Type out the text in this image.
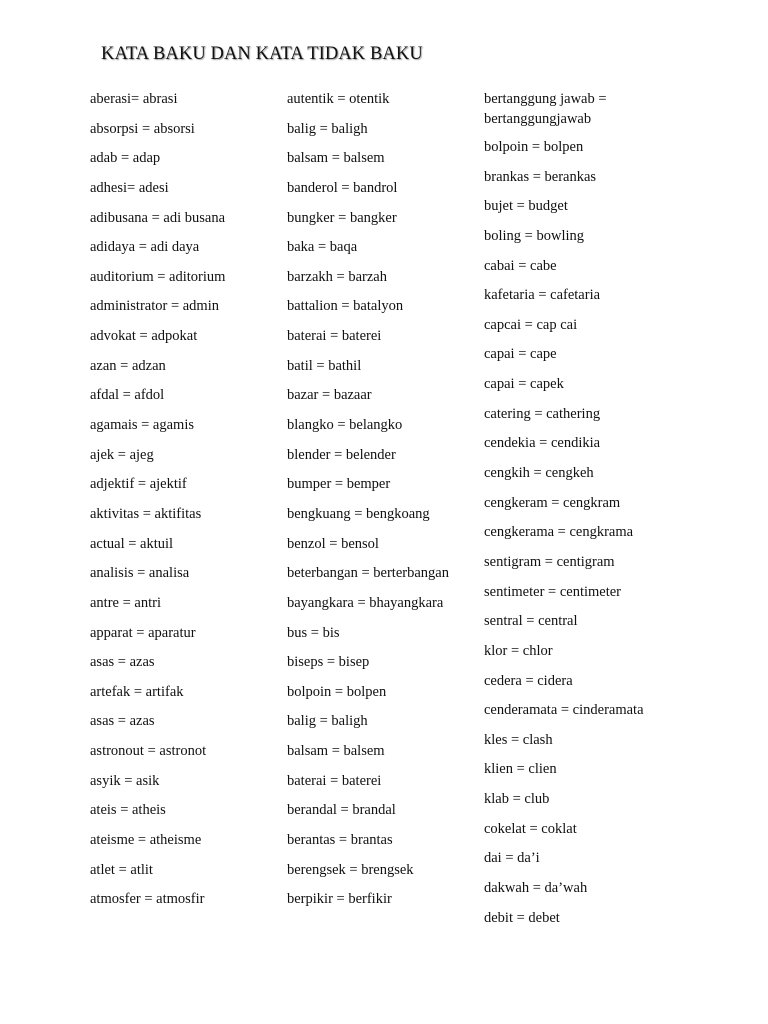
KATA BAKU DAN KATA TIDAK BAKU
aberasi= abrasi
absorpsi = absorsi
adab = adap
adhesi= adesi
adibusana = adi busana
adidaya = adi daya
auditorium = aditorium
administrator = admin
advokat = adpokat
azan = adzan
afdal = afdol
agamais = agamis
ajek = ajeg
adjektif = ajektif
aktivitas = aktifitas
actual = aktuil
analisis = analisa
antre = antri
apparat = aparatur
asas = azas
artefak = artifak
asas = azas
astronout = astronot
asyik = asik
ateis = atheis
ateisme = atheisme
atlet = atlit
atmosfer = atmosfir
autentik = otentik
balig = baligh
balsam = balsem
banderol = bandrol
bungker = bangker
baka = baqa
barzakh = barzah
battalion = batalyon
baterai = baterei
batil = bathil
bazar = bazaar
blangko = belangko
blender = belender
bumper = bemper
bengkuang = bengkoang
benzol = bensol
beterbangan = berterbangan
bayangkara = bhayangkara
bus = bis
biseps = bisep
bolpoin = bolpen
balig = baligh
balsam = balsem
baterai = baterei
berandal = brandal
berantas = brantas
berengsek = brengsek
berpikir = berfikir
bertanggung jawab = bertanggungjawab
bolpoin = bolpen
brankas = berankas
bujet = budget
boling = bowling
cabai = cabe
kafetaria = cafetaria
capcai = cap cai
capai = cape
capai = capek
catering = cathering
cendekia = cendikia
cengkih = cengkeh
cengkeram = cengkram
cengkerama = cengkrama
sentigram = centigram
sentimeter = centimeter
sentral = central
klor = chlor
cedera = cidera
cenderamata = cinderamata
kles = clash
klien = clien
klab = club
cokelat = coklat
dai = da’i
dakwah = da’wah
debit = debet
